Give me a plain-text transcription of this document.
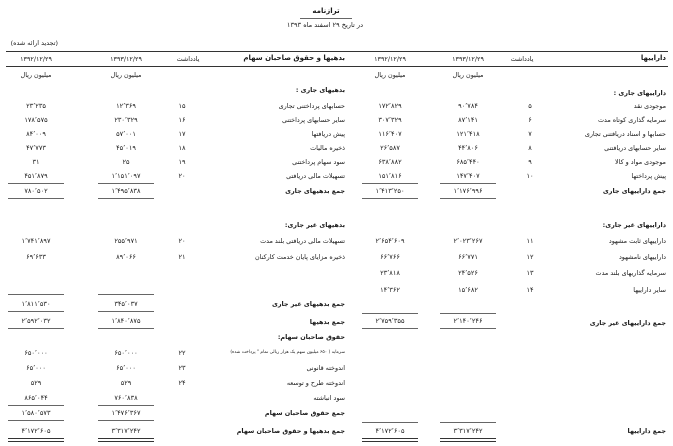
ترازنامه
در تاریخ ۲۹ اسفند ماه ۱۳۹۳
(تجدید ارائه شده)
داراییها
یادداشت
۱۳۹۳/۱۲/۲۹
۱۳۹۲/۱۲/۲۹
میلیون ریال
میلیون ریال
بدهیها و حقوق صاحبان سهام
یادداشت
۱۳۹۳/۱۲/۲۹
۱۳۹۲/۱۲/۲۹
میلیون ریال
میلیون ریال
داراییهای جاری :
موجودی نقد
۵
۹۰٬۷۸۴
۱۷۲٬۸۲۹
سرمایه گذاری کوتاه مدت
۶
۸۷٬۱۴۱
۳۰۷٬۳۲۹
حسابها و اسناد دریافتنی تجاری
۷
۱۲۱٬۴۱۸
۱۱۶٬۴۰۷
سایر حسابهای دریافتنی
۸
۴۴٬۸۰۶
۲۶٬۵۸۷
موجودی مواد و کالا
۹
۶۸۵٬۴۴۰
۶۳۸٬۸۸۲
پیش پرداختها
۱۰
۱۴۷٬۴۰۷
۱۵۱٬۸۱۶
جمع داراییهای جاری
۱٬۱۷۶٬۹۹۶
۱٬۴۱۳٬۲۵۰
داراییهای غیر جاری:
داراییهای ثابت مشهود
۱۱
۲٬۰۲۳٬۲۶۷
۲٬۶۵۴٬۶۰۹
داراییهای نامشهود
۱۲
۶۶٬۷۷۱
۶۶٬۷۶۶
سرمایه گذاریهای بلند مدت
۱۳
۲۴٬۵۲۶
۲۳٬۸۱۸
سایر داراییها
۱۴
۱۵٬۶۸۲
۱۴٬۳۶۲
جمع داراییهای غیر جاری
۲٬۱۴۰٬۲۴۶
۲٬۷۵۹٬۳۵۵
جمع داراییها
۳٬۳۱۷٬۲۴۲
۴٬۱۷۲٬۶۰۵
بدهیهای جاری :
حسابهای پرداختنی تجاری
۱۵
۱۲٬۳۶۹
۲۳٬۲۳۵
سایر حسابهای پرداختنی
۱۶
۲۳۰٬۳۲۹
۱۷۸٬۵۷۵
پیش دریافتها
۱۷
۵۷٬۰۰۱
۸۴٬۰۰۹
ذخیره مالیات
۱۸
۴۵٬۰۱۹
۴۷٬۷۷۳
سود سهام پرداختنی
۱۹
۲۵
۳۱
تسهیلات مالی دریافتی
۲۰
۱٬۱۵۱٬۰۹۷
۴۵۱٬۸۷۹
جمع بدهیهای جاری
۱٬۴۹۵٬۸۳۸
۷۸۰٬۵۰۲
بدهیهای غیر جاری:
تسهیلات مالی دریافتی بلند مدت
۲۰
۲۵۵٬۹۷۱
۱٬۷۴۱٬۸۹۷
ذخیره مزایای پایان خدمت کارکنان
۲۱
۸۹٬۰۶۶
۶۹٬۶۳۳
جمع بدهیهای غیر جاری
۳۴۵٬۰۳۷
۱٬۸۱۱٬۵۳۰
جمع بدهیها
۱٬۸۴۰٬۸۷۵
۲٬۵۹۲٬۰۳۲
حقوق صاحبان سهام:
سرمایه ( ۶۵۰ میلیون سهم یک هزار ریالی تمام " پرداخت شده)
۲۲
۶۵۰٬۰۰۰
۶۵۰٬۰۰۰
اندوخته قانونی
۲۳
۶۵٬۰۰۰
۶۵٬۰۰۰
اندوخته طرح و توسعه
۲۴
۵۲۹
۵۲۹
سود انباشته
۷۶۰٬۸۳۸
۸۶۵٬۰۴۴
جمع حقوق صاحبان سهام
۱٬۴۷۶٬۳۶۷
۱٬۵۸۰٬۵۷۳
جمع بدهیها و حقوق صاحبان سهام
۳٬۳۱۷٬۲۴۲
۴٬۱۷۲٬۶۰۵
